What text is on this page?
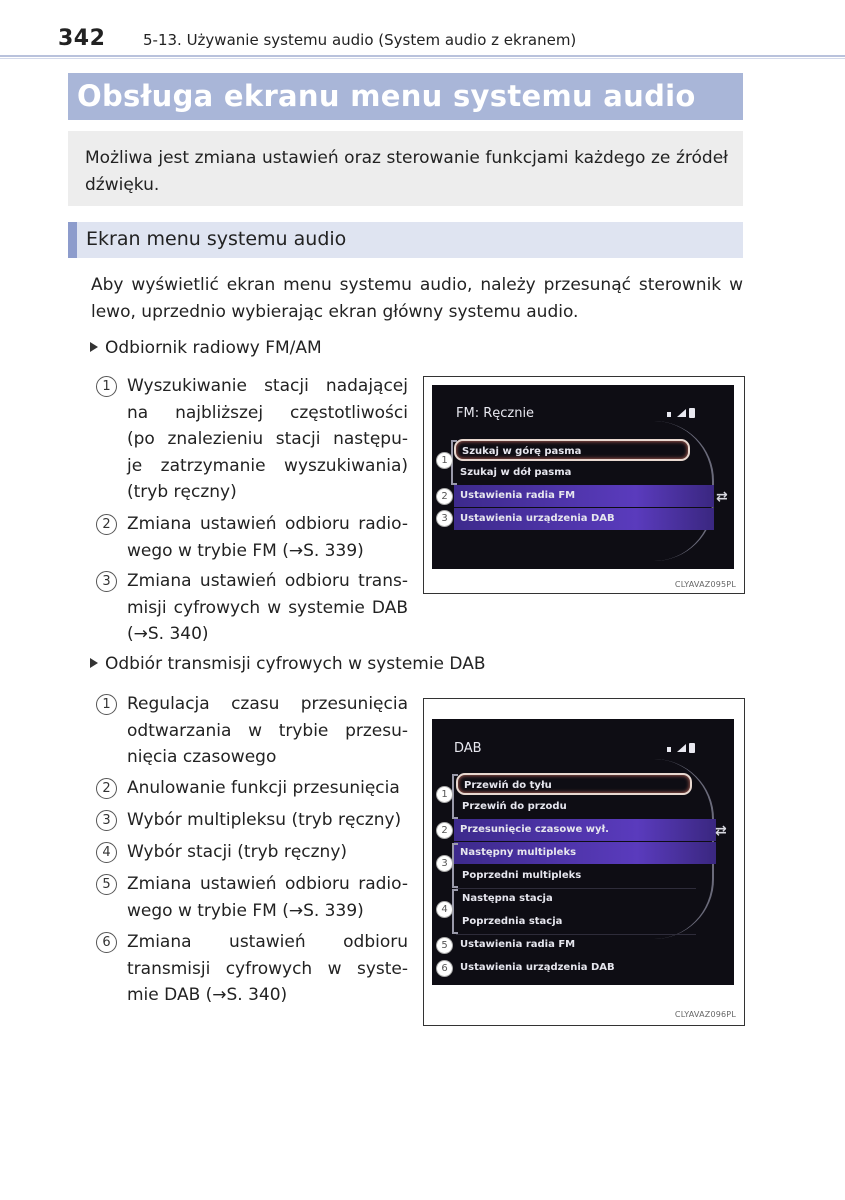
342	5-13. Używanie systemu audio (System audio z ekranem)
Obsługa ekranu menu systemu audio

Możliwa jest zmiana ustawień oraz sterowanie funkcjami każdego ze źródeł dźwięku.

Ekran menu systemu audio

Aby wyświetlić ekran menu systemu audio, należy przesunąć sterownik w lewo, uprzednio wybierając ekran główny systemu audio.

Odbiornik radiowy FM/AM
1 Wyszukiwanie stacji nadającej
na najbliższej częstotliwości
(po znalezieniu stacji następu-
je zatrzymanie wyszukiwania)
(tryb ręczny)
2 Zmiana ustawień odbioru radio-
wego w trybie FM (→S. 339)
3 Zmiana ustawień odbioru trans-
misji cyfrowych w systemie DAB
(→S. 340)
FM: Ręcznie
Szukaj w górę pasma
Szukaj w dół pasma
Ustawienia radia FM
Ustawienia urządzenia DAB
⇄
1
2
3
CLYAVAZ095PL
Odbiór transmisji cyfrowych w systemie DAB
1 Regulacja czasu przesunięcia
odtwarzania w trybie przesu-
nięcia czasowego
2 Anulowanie funkcji przesunięcia
3 Wybór multipleksu (tryb ręczny)
4 Wybór stacji (tryb ręczny)
5 Zmiana ustawień odbioru radio-
wego w trybie FM (→S. 339)
6 Zmiana ustawień odbioru
transmisji cyfrowych w syste-
mie DAB (→S. 340)
DAB
Przewiń do tyłu
Przewiń do przodu
Przesunięcie czasowe wył.
Następny multipleks
Poprzedni multipleks
Następna stacja
Poprzednia stacja
Ustawienia radia FM
Ustawienia urządzenia DAB
⇄
1
2
3
4
5
6
CLYAVAZ096PL
